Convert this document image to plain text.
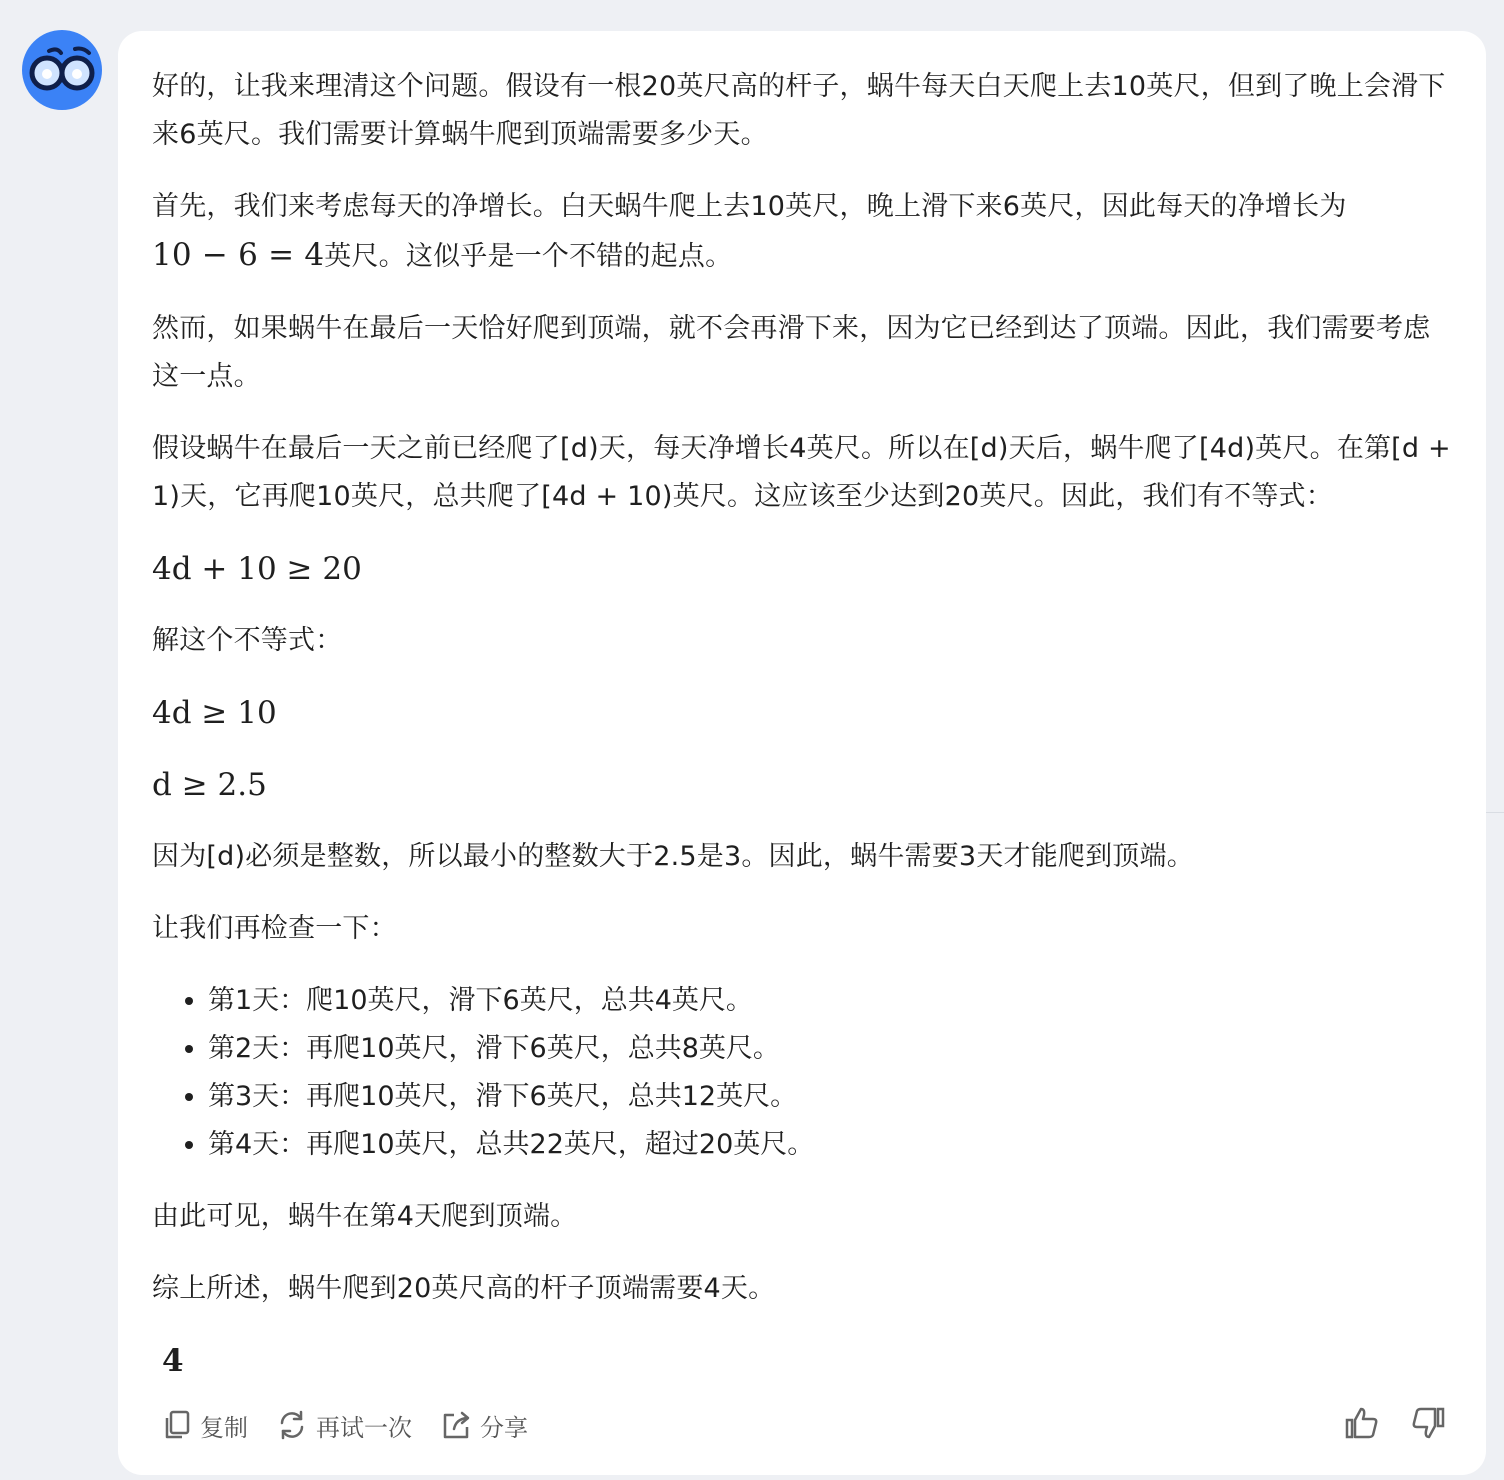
好的，让我来理清这个问题。假设有一根20英尺高的杆子，蜗牛每天白天爬上去10英尺，但到了晚上会滑下来6英尺。我们需要计算蜗牛爬到顶端需要多少天。

首先，我们来考虑每天的净增长。白天蜗牛爬上去10英尺，晚上滑下来6英尺，因此每天的净增长为
10 − 6 = 4英尺。这似乎是一个不错的起点。

然而，如果蜗牛在最后一天恰好爬到顶端，就不会再滑下来，因为它已经到达了顶端。因此，我们需要考虑这一点。

假设蜗牛在最后一天之前已经爬了[d)天，每天净增长4英尺。所以在[d)天后，蜗牛爬了[4d)英尺。在第[d + 1)天，它再爬10英尺，总共爬了[4d + 10)英尺。这应该至少达到20英尺。因此，我们有不等式：

4d + 10 ≥ 20

解这个不等式：

4d ≥ 10

d ≥ 2.5

因为[d)必须是整数，所以最小的整数大于2.5是3。因此，蜗牛需要3天才能爬到顶端。

让我们再检查一下：

• 第1天：爬10英尺，滑下6英尺，总共4英尺。
• 第2天：再爬10英尺，滑下6英尺，总共8英尺。
• 第3天：再爬10英尺，滑下6英尺，总共12英尺。
• 第4天：再爬10英尺，总共22英尺，超过20英尺。

由此可见，蜗牛在第4天爬到顶端。

综上所述，蜗牛爬到20英尺高的杆子顶端需要4天。

4
复制	再试一次	分享
